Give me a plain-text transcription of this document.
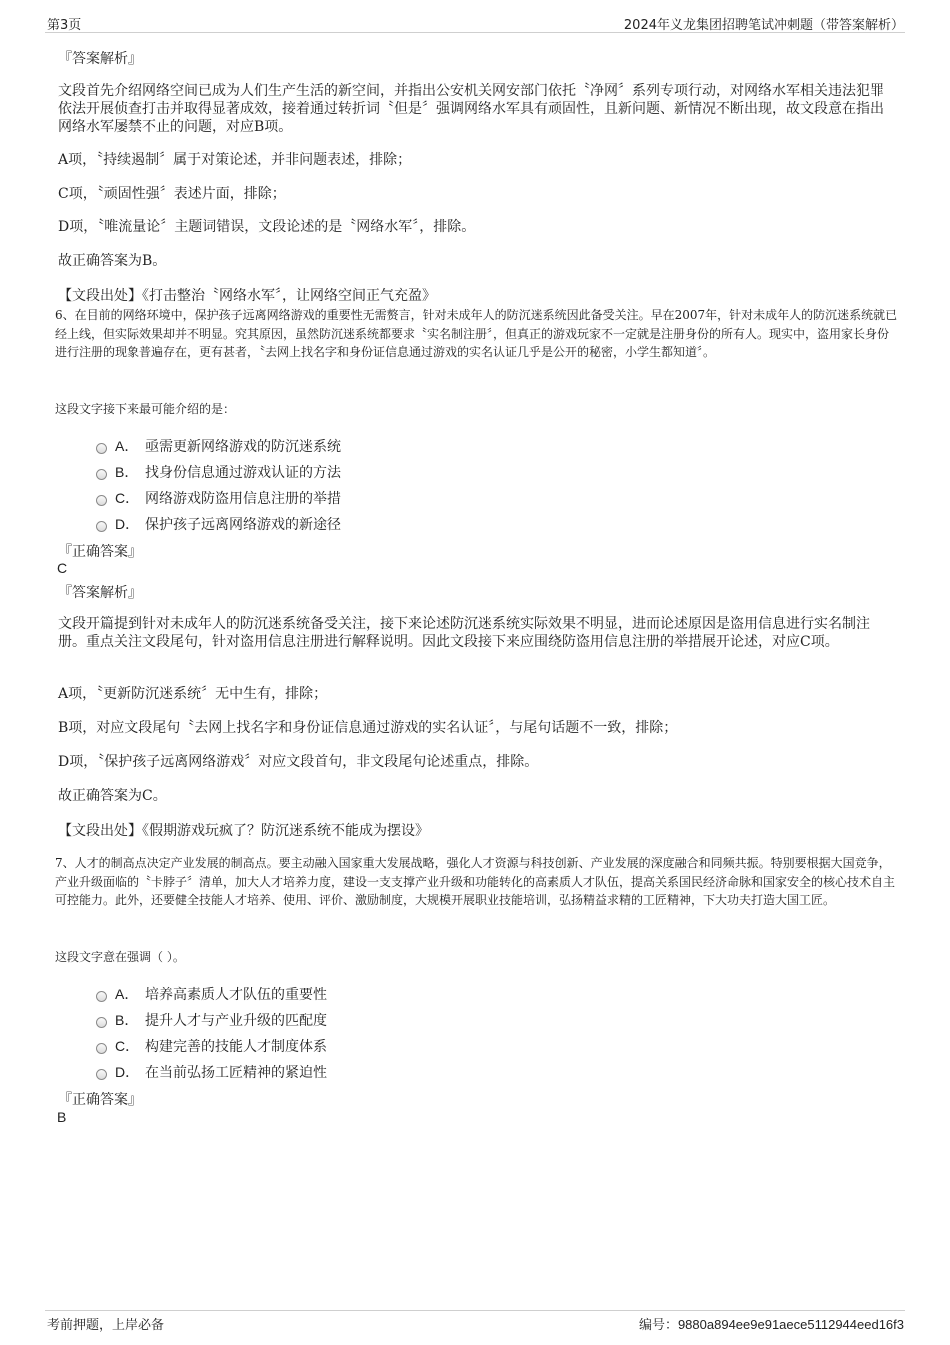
第3页	2024年义龙集团招聘笔试冲刺题（带答案解析）
『答案解析』
文段首先介绍网络空间已成为人们生产生活的新空间，并指出公安机关网安部门依托〝净网〞系列专项行动，对网络水军相关违法犯罪依法开展侦查打击并取得显著成效，接着通过转折词〝但是〞强调网络水军具有顽固性，且新问题、新情况不断出现，故文段意在指出网络水军屡禁不止的问题，对应B项。
A项，〝持续遏制〞属于对策论述，并非问题表述，排除；
C项，〝顽固性强〞表述片面，排除；
D项，〝唯流量论〞主题词错误，文段论述的是〝网络水军〞，排除。
故正确答案为B。
【文段出处】《打击整治〝网络水军〞，让网络空间正气充盈》
6、在目前的网络环境中，保护孩子远离网络游戏的重要性无需赘言，针对未成年人的防沉迷系统因此备受关注。早在2007年，针对未成年人的防沉迷系统就已经上线，但实际效果却并不明显。究其原因，虽然防沉迷系统都要求〝实名制注册〞，但真正的游戏玩家不一定就是注册身份的所有人。现实中，盗用家长身份进行注册的现象普遍存在，更有甚者，〝去网上找名字和身份证信息通过游戏的实名认证几乎是公开的秘密，小学生都知道〞。
这段文字接下来最可能介绍的是：
A． 亟需更新网络游戏的防沉迷系统
B． 找身份信息通过游戏认证的方法
C． 网络游戏防盗用信息注册的举措
D． 保护孩子远离网络游戏的新途径
『正确答案』
C
『答案解析』
文段开篇提到针对未成年人的防沉迷系统备受关注，接下来论述防沉迷系统实际效果不明显，进而论述原因是盗用信息进行实名制注册。重点关注文段尾句，针对盗用信息注册进行解释说明。因此文段接下来应围绕防盗用信息注册的举措展开论述，对应C项。
A项，〝更新防沉迷系统〞无中生有，排除；
B项，对应文段尾句〝去网上找名字和身份证信息通过游戏的实名认证〞，与尾句话题不一致，排除；
D项，〝保护孩子远离网络游戏〞对应文段首句，非文段尾句论述重点，排除。
故正确答案为C。
【文段出处】《假期游戏玩疯了？防沉迷系统不能成为摆设》
7、人才的制高点决定产业发展的制高点。要主动融入国家重大发展战略，强化人才资源与科技创新、产业发展的深度融合和同频共振。特别要根据大国竞争，产业升级面临的〝卡脖子〞清单，加大人才培养力度，建设一支支撑产业升级和功能转化的高素质人才队伍，提高关系国民经济命脉和国家安全的核心技术自主可控能力。此外，还要健全技能人才培养、使用、评价、激励制度，大规模开展职业技能培训，弘扬精益求精的工匠精神，下大功夫打造大国工匠。
这段文字意在强调（ ）。
A． 培养高素质人才队伍的重要性
B． 提升人才与产业升级的匹配度
C． 构建完善的技能人才制度体系
D． 在当前弘扬工匠精神的紧迫性
『正确答案』
B
考前押题，上岸必备	编号：9880a894ee9e91aece5112944eed16f3
